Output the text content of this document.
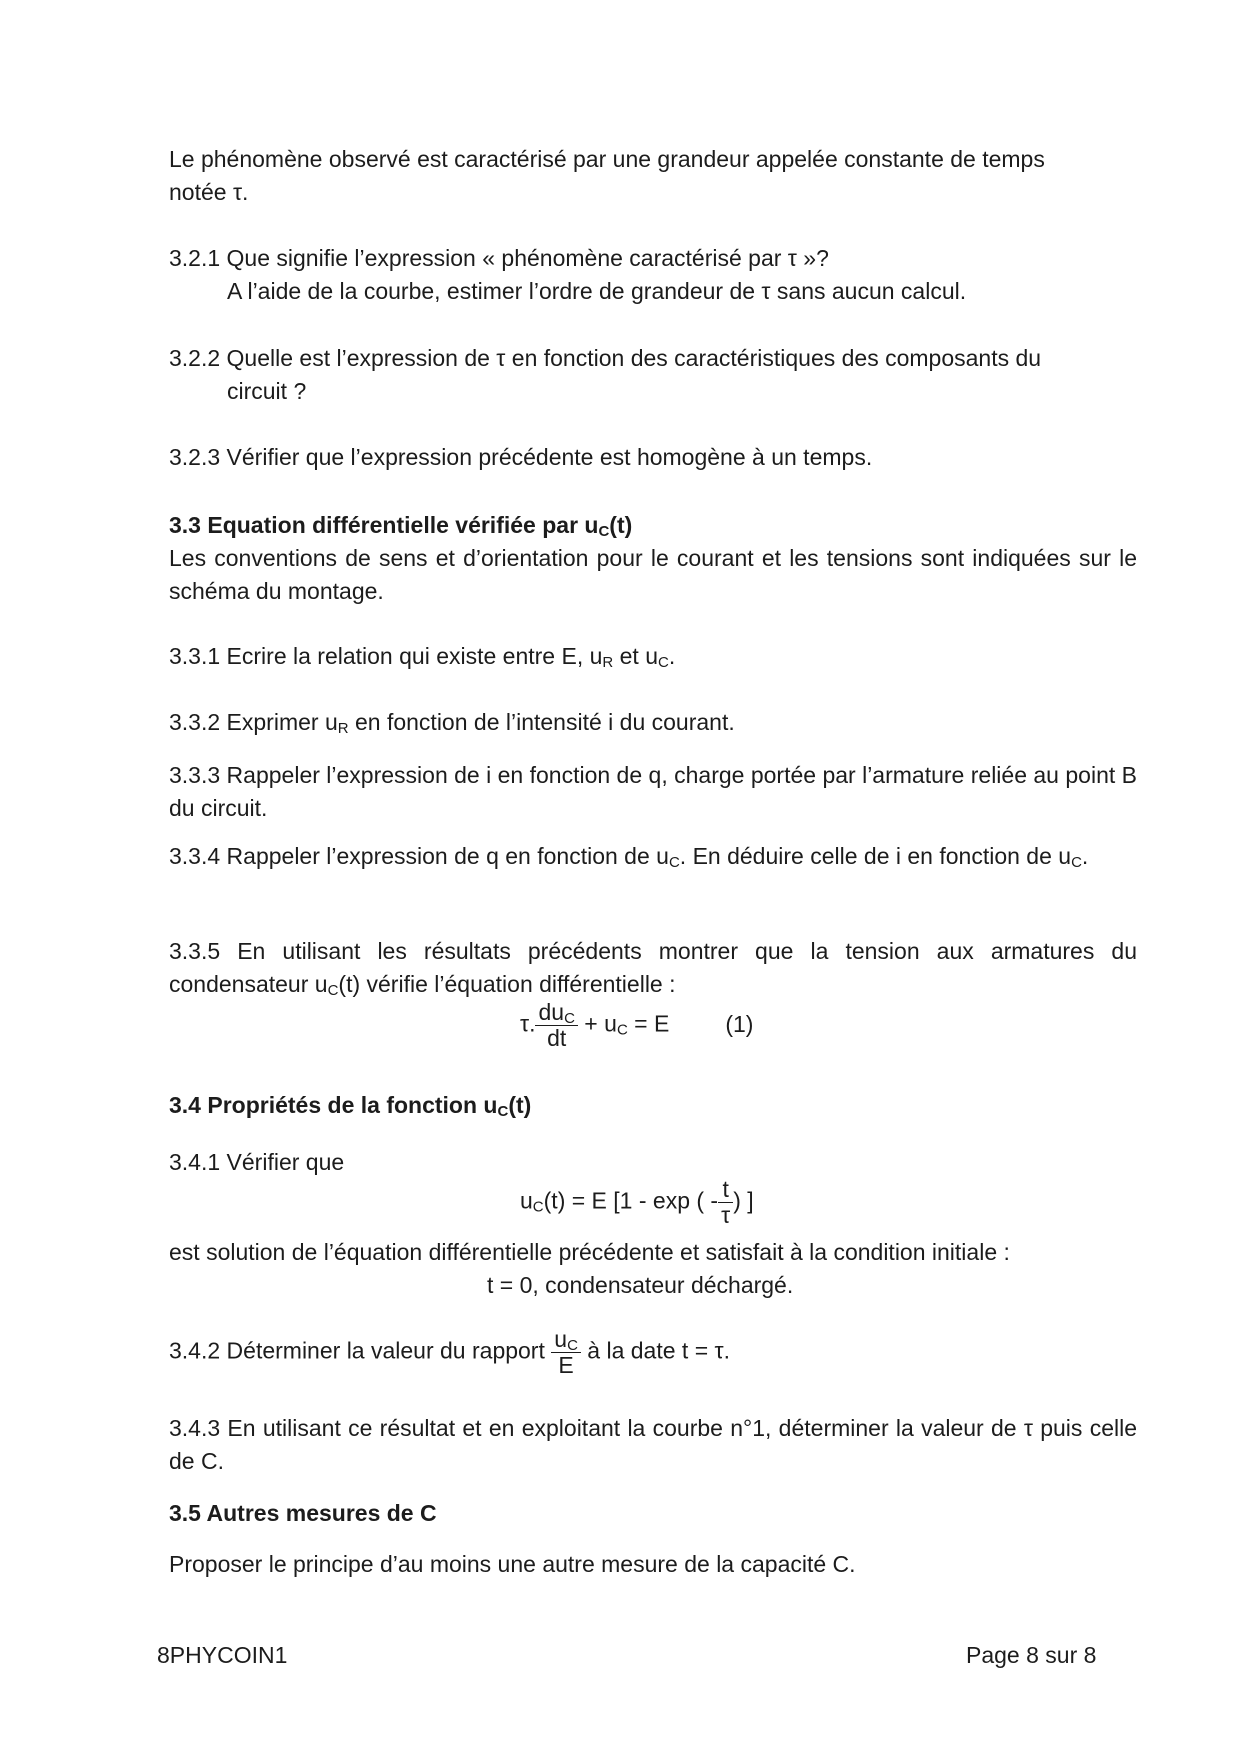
Le phénomène observé est caractérisé par une grandeur appelée constante de temps
notée τ.
3.2.1 Que signifie l’expression « phénomène caractérisé par τ »?
A l’aide de la courbe, estimer l’ordre de grandeur de τ sans aucun calcul.
3.2.2 Quelle est l’expression de τ en fonction des caractéristiques des composants du
circuit ?
3.2.3 Vérifier que l’expression précédente est homogène à un temps.
3.3 Equation différentielle vérifiée par $u_C(t)$
Les conventions de sens et d’orientation pour le courant et les tensions sont indiquées sur le schéma du montage.
3.3.1 Ecrire la relation qui existe entre E, $u_R$ et $u_C$.
3.3.2 Exprimer $u_R$ en fonction de l’intensité i du courant.
3.3.3 Rappeler l’expression de i en fonction de q, charge portée par l’armature reliée au point B du circuit.
3.3.4 Rappeler l’expression de q en fonction de $u_C$. En déduire celle de i en fonction de $u_C$.
3.3.5 En utilisant les résultats précédents montrer que la tension aux armatures du condensateur $u_C(t)$ vérifie l’équation différentielle :
τ. $\frac{du_C}{dt} + u_C = E$ (1)
3.4 Propriétés de la fonction $u_C(t)$
3.4.1 Vérifier que
$u_C(t) = E$ [1 - exp ( - $\frac{t}{\tau}$ ) ]
est solution de l’équation différentielle précédente et satisfait à la condition initiale :
t = 0, condensateur déchargé.
3.4.2 Déterminer la valeur du rapport $\frac{u_C}{E}$ à la date t = τ.
3.4.3 En utilisant ce résultat et en exploitant la courbe n°1, déterminer la valeur de τ puis celle de C.
3.5 Autres mesures de C
Proposer le principe d’au moins une autre mesure de la capacité C.
8PHYCOIN1	Page 8 sur 8
